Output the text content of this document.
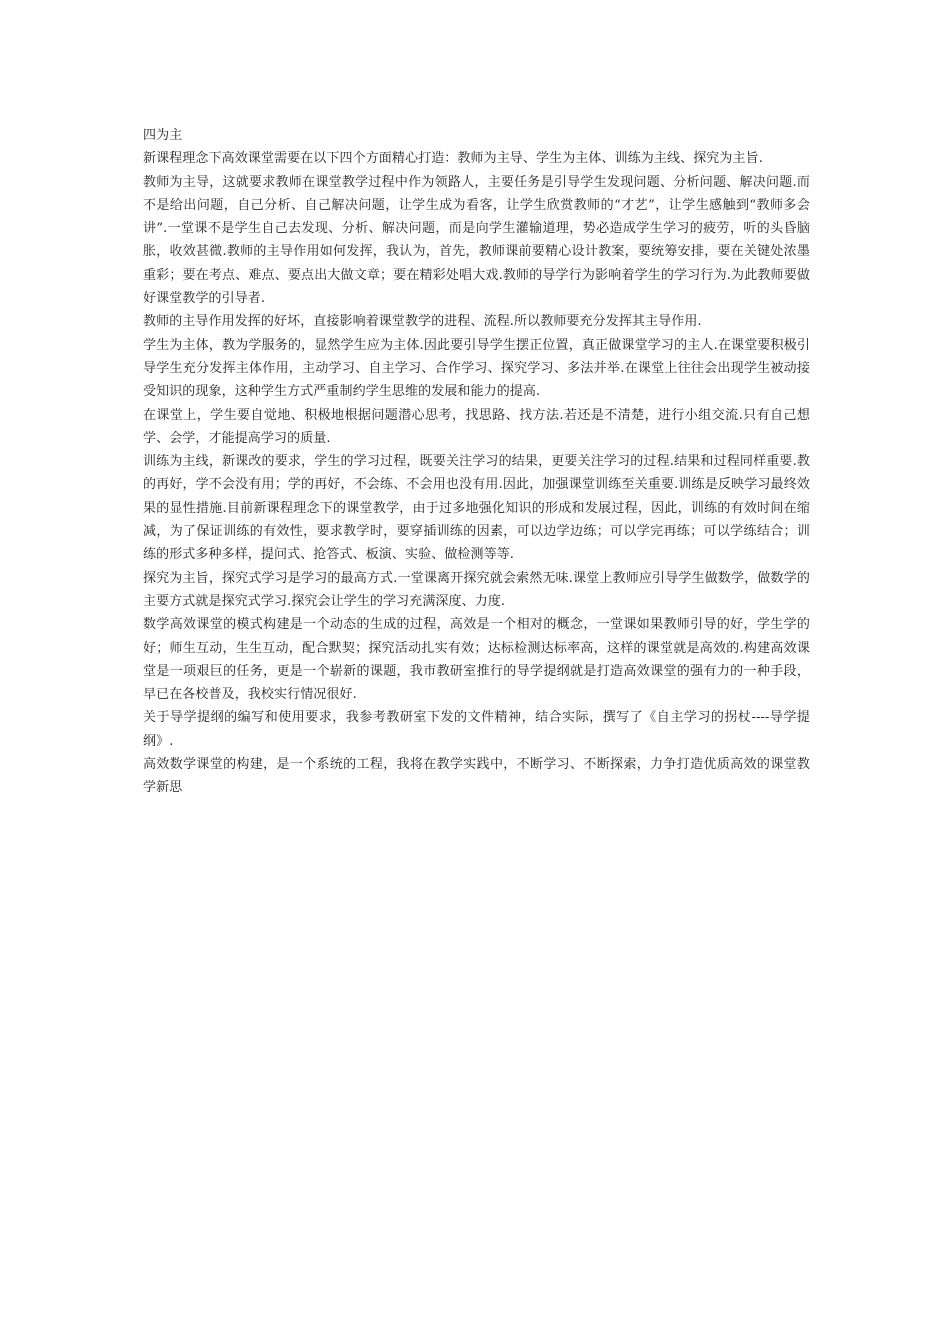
四为主

新课程理念下高效课堂需要在以下四个方面精心打造：教师为主导、学生为主体、训练为主线、探究为主旨.

教师为主导，这就要求教师在课堂教学过程中作为领路人，主要任务是引导学生发现问题、分析问题、解决问题.而不是给出问题，自己分析、自己解决问题，让学生成为看客，让学生欣赏教师的“才艺”，让学生感触到“教师多会讲”.一堂课不是学生自己去发现、分析、解决问题，而是向学生灌输道理，势必造成学生学习的疲劳，听的头昏脑胀，收效甚微.教师的主导作用如何发挥，我认为，首先，教师课前要精心设计教案，要统筹安排，要在关键处浓墨重彩；要在考点、难点、要点出大做文章；要在精彩处唱大戏.教师的导学行为影响着学生的学习行为.为此教师要做好课堂教学的引导者.

教师的主导作用发挥的好坏，直接影响着课堂教学的进程、流程.所以教师要充分发挥其主导作用.

学生为主体，教为学服务的，显然学生应为主体.因此要引导学生摆正位置，真正做课堂学习的主人.在课堂要积极引导学生充分发挥主体作用，主动学习、自主学习、合作学习、探究学习、多法并举.在课堂上往往会出现学生被动接受知识的现象，这种学生方式严重制约学生思维的发展和能力的提高.

在课堂上，学生要自觉地、积极地根据问题潜心思考，找思路、找方法.若还是不清楚，进行小组交流.只有自己想学、会学，才能提高学习的质量.

训练为主线，新课改的要求，学生的学习过程，既要关注学习的结果，更要关注学习的过程.结果和过程同样重要.教的再好，学不会没有用；学的再好，不会练、不会用也没有用.因此，加强课堂训练至关重要.训练是反映学习最终效果的显性措施.目前新课程理念下的课堂教学，由于过多地强化知识的形成和发展过程，因此，训练的有效时间在缩减，为了保证训练的有效性，要求教学时，要穿插训练的因素，可以边学边练；可以学完再练；可以学练结合；训练的形式多种多样，提问式、抢答式、板演、实验、做检测等等.

探究为主旨，探究式学习是学习的最高方式.一堂课离开探究就会索然无味.课堂上教师应引导学生做数学，做数学的主要方式就是探究式学习.探究会让学生的学习充满深度、力度.

数学高效课堂的模式构建是一个动态的生成的过程，高效是一个相对的概念，一堂课如果教师引导的好，学生学的好；师生互动，生生互动，配合默契；探究活动扎实有效；达标检测达标率高，这样的课堂就是高效的.构建高效课堂是一项艰巨的任务，更是一个崭新的课题，我市教研室推行的导学提纲就是打造高效课堂的强有力的一种手段，早已在各校普及，我校实行情况很好.

关于导学提纲的编写和使用要求，我参考教研室下发的文件精神，结合实际，撰写了《自主学习的拐杖----导学提纲》.

高效数学课堂的构建，是一个系统的工程，我将在教学实践中，不断学习、不断探索，力争打造优质高效的课堂教学新思
